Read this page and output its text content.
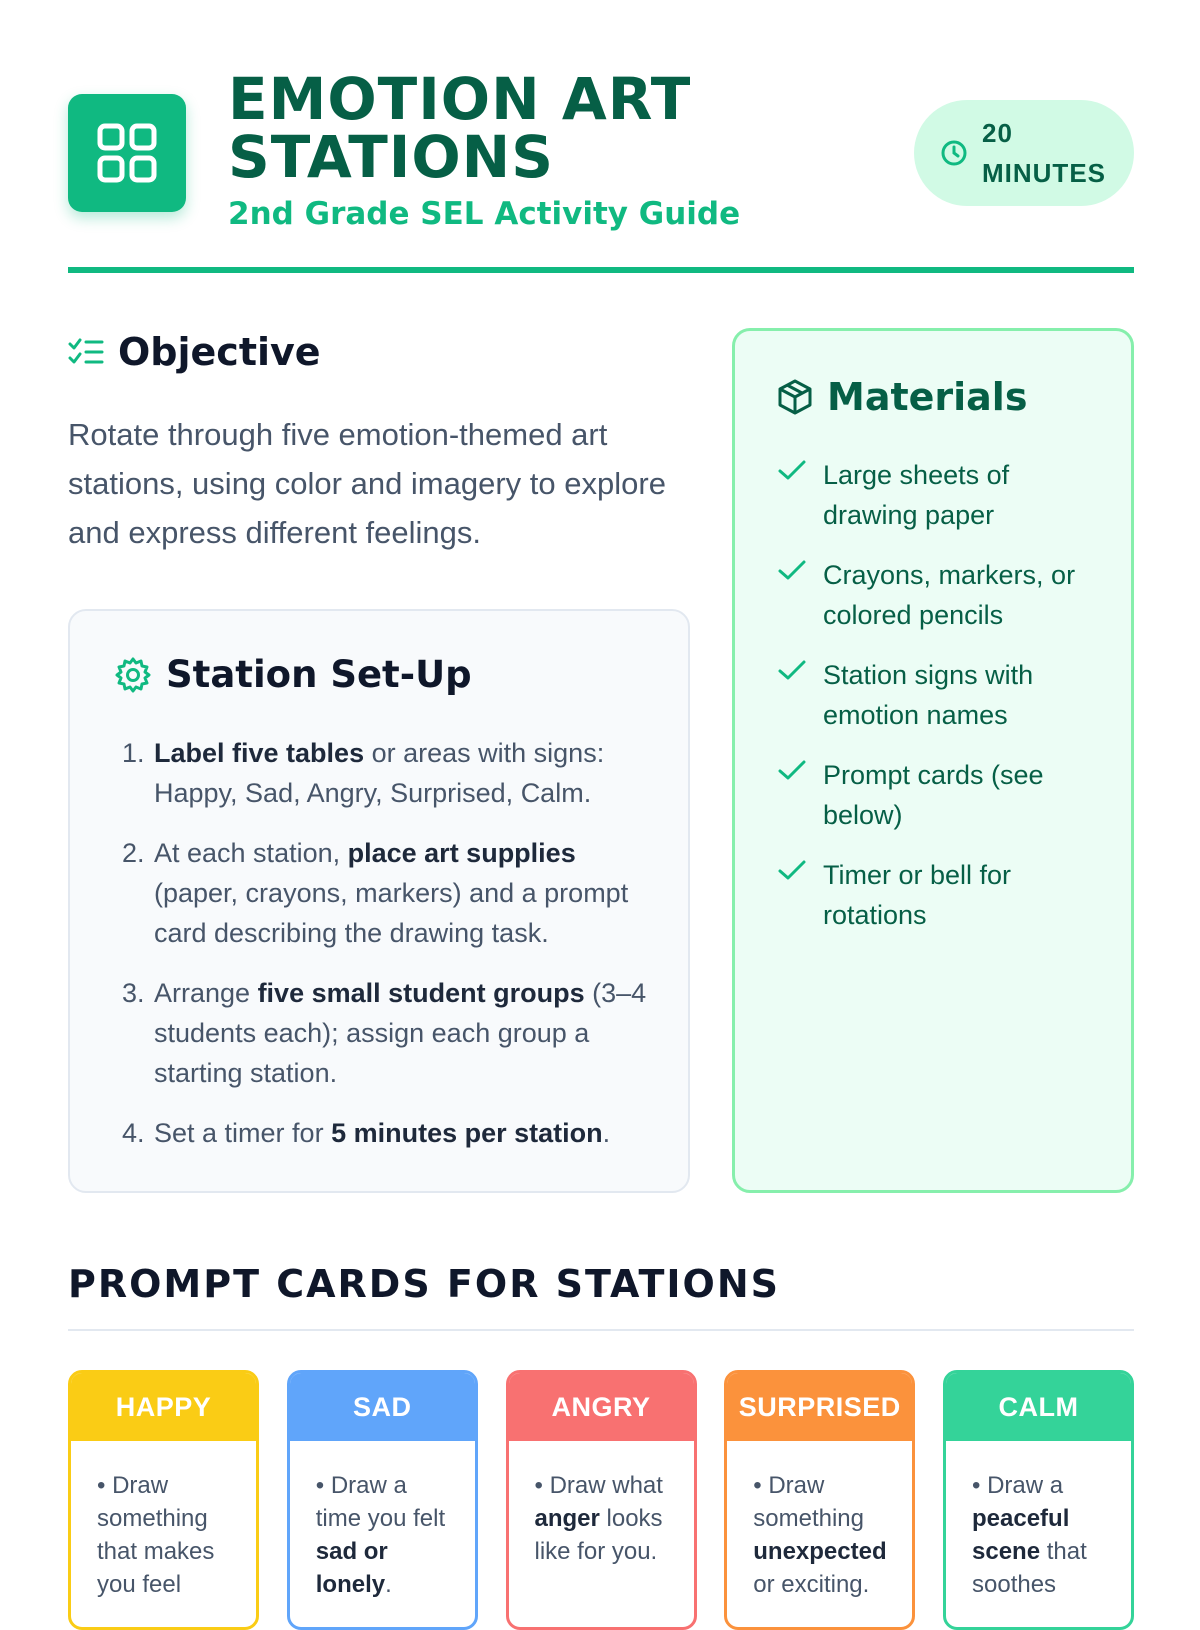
EMOTION ART STATIONS

2nd Grade SEL Activity Guide

20 MINUTES
Objective

Rotate through five emotion-themed art stations, using color and imagery to explore and express different feelings.

Station Set-Up
1. Label five tables or areas with signs: Happy, Sad, Angry, Surprised, Calm.
2. At each station, place art supplies (paper, crayons, markers) and a prompt card describing the drawing task.
3. Arrange five small student groups (3–4 students each); assign each group a starting station.
4. Set a timer for 5 minutes per station.
Materials
Large sheets of drawing paper
Crayons, markers, or colored pencils
Station signs with emotion names
Prompt cards (see below)
Timer or bell for rotations
PROMPT CARDS FOR STATIONS
HAPPY
• Draw something that makes you feel
SAD
• Draw a time you felt sad or lonely.
ANGRY
• Draw what anger looks like for you.
SURPRISED
• Draw something unexpected or exciting.
CALM
• Draw a peaceful scene that soothes
